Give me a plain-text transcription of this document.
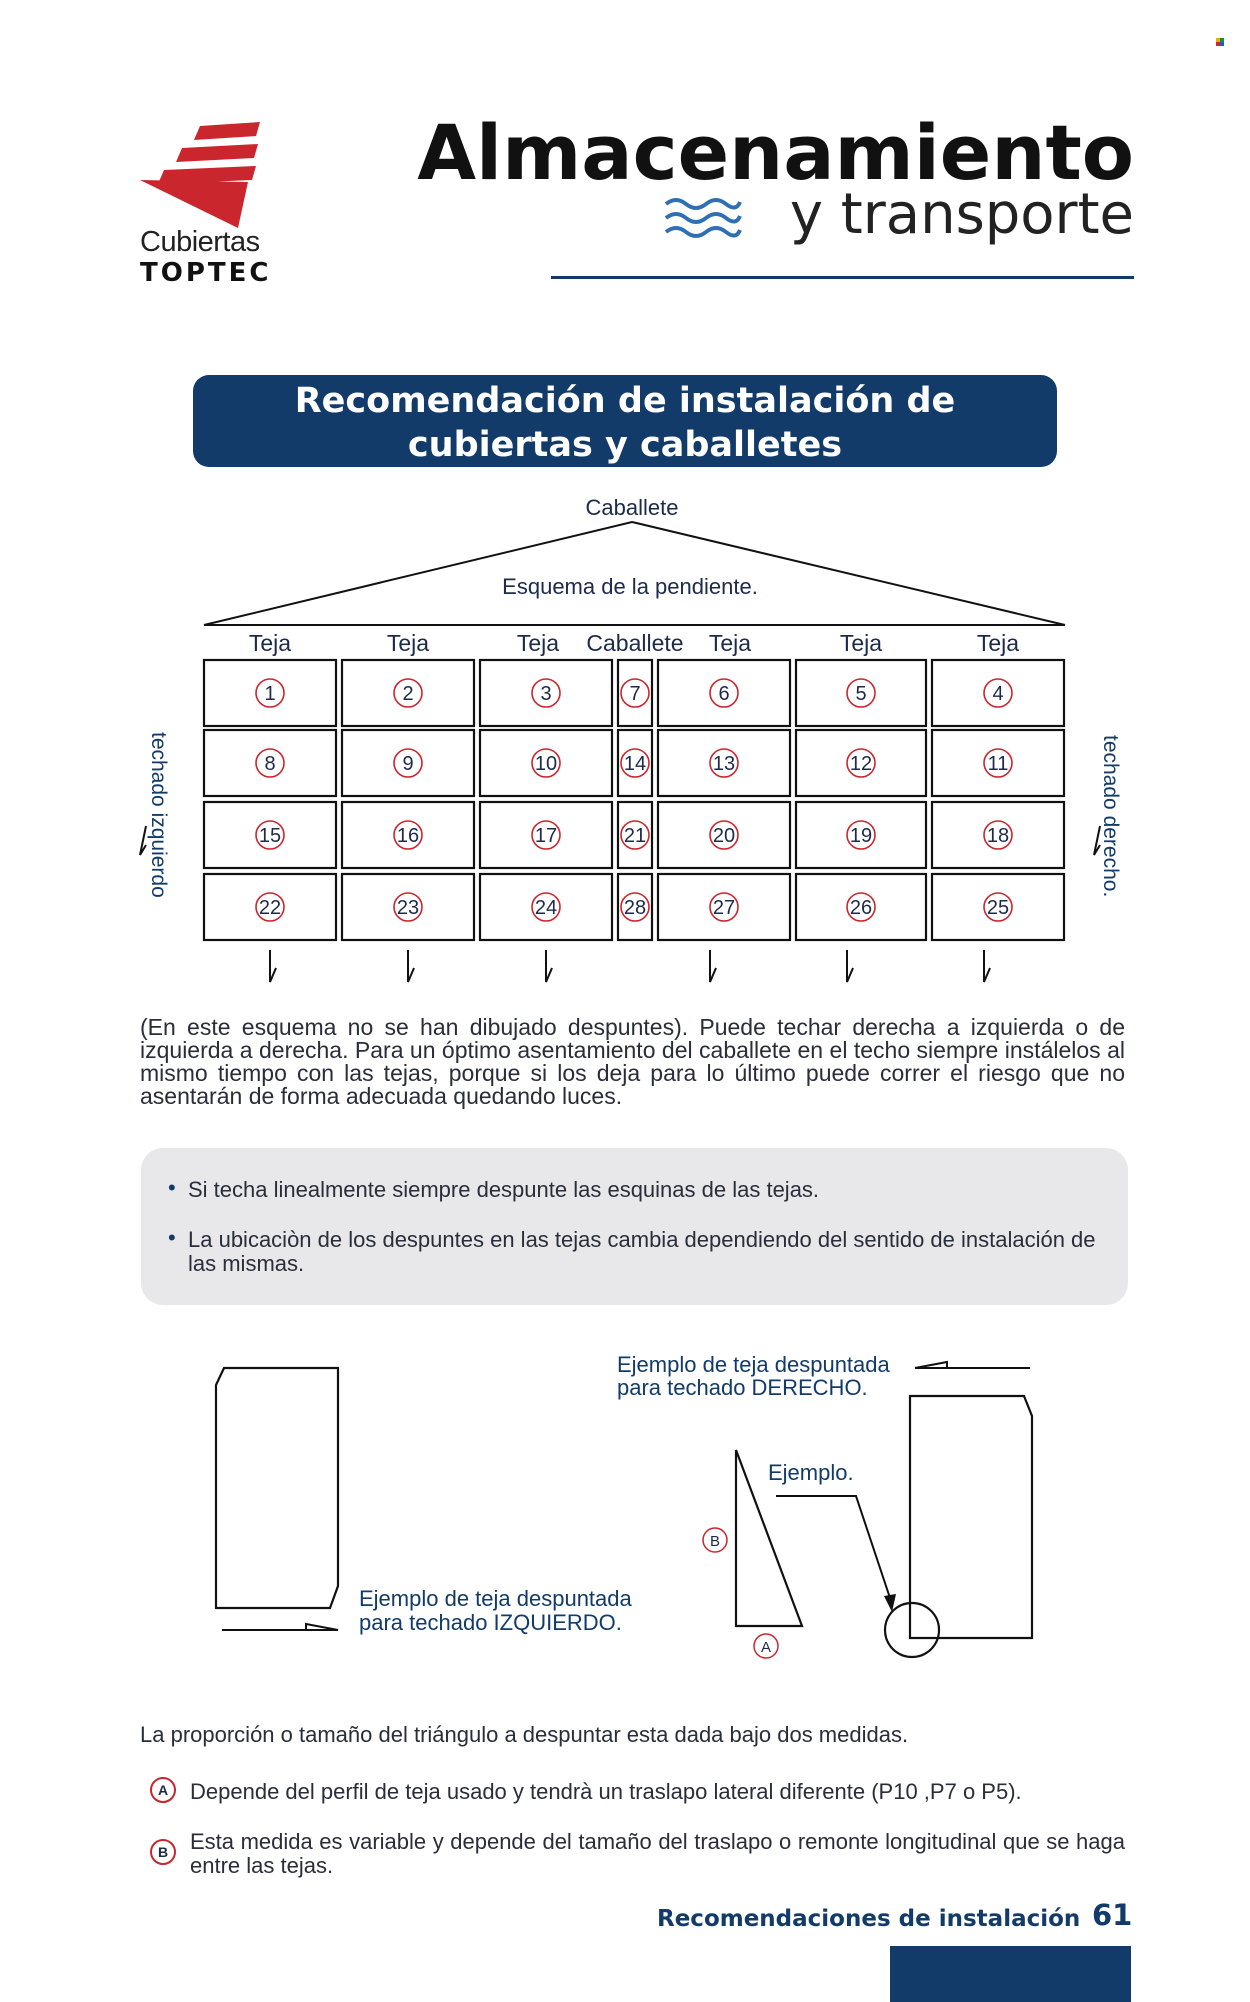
Cubiertas
TOPTEC
Almacenamiento
y transporte
Recomendación de instalación de
cubiertas y caballetes
Caballete
Esquema de la pendiente.
Teja	Teja	Teja Caballete Teja	Teja	Teja
1	2	3	7	6	5	4
8	9	10	14	13	12	11
15	16	17	21	20	19	18
22	23	24	28	27	26	25
techado izquierdo	techado derecho.
(En este esquema no se han dibujado despuntes). Puede techar derecha a izquierda o de izquierda a derecha. Para un óptimo asentamiento del caballete en el techo siempre instálelos al mismo tiempo con las tejas, porque si los deja para lo último puede correr el riesgo que no asentarán de forma adecuada quedando luces.
• Si techa linealmente siempre despunte las esquinas de las tejas.
• La ubicaciòn de los despuntes en las tejas cambia dependiendo del sentido de instalación de las mismas.
Ejemplo de teja despuntada
para techado IZQUIERDO.
Ejemplo de teja despuntada
para techado DERECHO.
Ejemplo.
B
A
La proporción o tamaño del triángulo a despuntar esta dada bajo dos medidas.
A Depende del perfil de teja usado y tendrà un traslapo lateral diferente (P10 ,P7 o P5).
B Esta medida es variable y depende del tamaño del traslapo o remonte longitudinal que se haga entre las tejas.
Recomendaciones de instalación 61
